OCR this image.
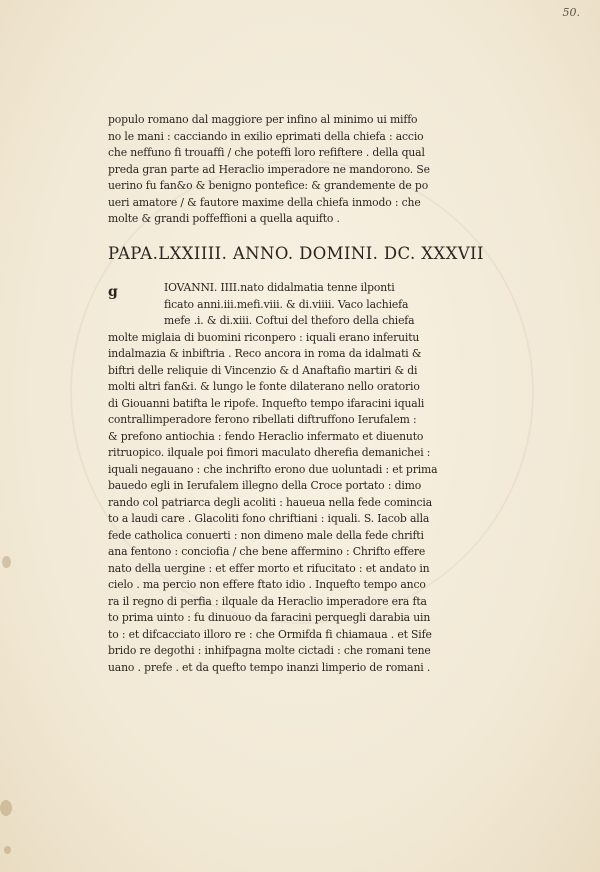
50.
populo romano dal maggiore per infino al minimo ui miffo
no le mani : cacciando in exilio eprimati della chiefa : accio
che neffuno fi trouaffi / che poteffi loro refiftere . della qual
preda gran parte ad Heraclio imperadore ne mandorono. Se
uerino fu fan&o & benigno pontefice: & grandemente de po
ueri amatore / & fautore maxime della chiefa inmodo : che
molte & grandi poffeffioni a quella aquifto .
PAPA.LXXIIII. ANNO. DOMINI. DC. XXXVII
g	IOVANNI. IIII.nato didalmatia tenne ilponti
ficato anni.iii.mefi.viii. & di.viiii. Vaco lachiefa
mefe .i. & di.xiii. Coftui del theforo della chiefa
molte miglaia di buomini riconpero : iquali erano inferuitu
indalmazia & inbiftria . Reco ancora in roma da idalmati &
biftri delle reliquie di Vincenzio & d Anaftafio martiri & di
molti altri fan&i. & lungo le fonte dilaterano nello oratorio
di Giouanni batifta le ripofe. Inquefto tempo ifaracini iquali
contrallimperadore ferono ribellati diftruffono Ierufalem :
& prefono antiochia : fendo Heraclio infermato et diuenuto
ritruopico. ilquale poi fimori maculato dherefia demanichei :
iquali negauano : che inchrifto erono due uoluntadi : et prima
bauedo egli in Ierufalem illegno della Croce portato : dimo
rando col patriarca degli acoliti : haueua nella fede comincia
to a laudi care . Glacoliti fono chriftiani : iquali. S. Iacob alla
fede catholica conuerti : non dimeno male della fede chrifti
ana fentono : conciofia / che bene affermino : Chrifto effere
nato della uergine : et effer morto et rifucitato : et andato in
cielo . ma percio non effere ftato idio . Inquefto tempo anco
ra il regno di perfia : ilquale da Heraclio imperadore era fta
to prima uinto : fu dinuouo da faracini perquegli darabia uin
to : et difcacciato illoro re : che Ormifda fi chiamaua . et Sife
brido re degothi : inhifpagna molte cictadi : che romani tene
uano . prefe . et da quefto tempo inanzi limperio de romani .
